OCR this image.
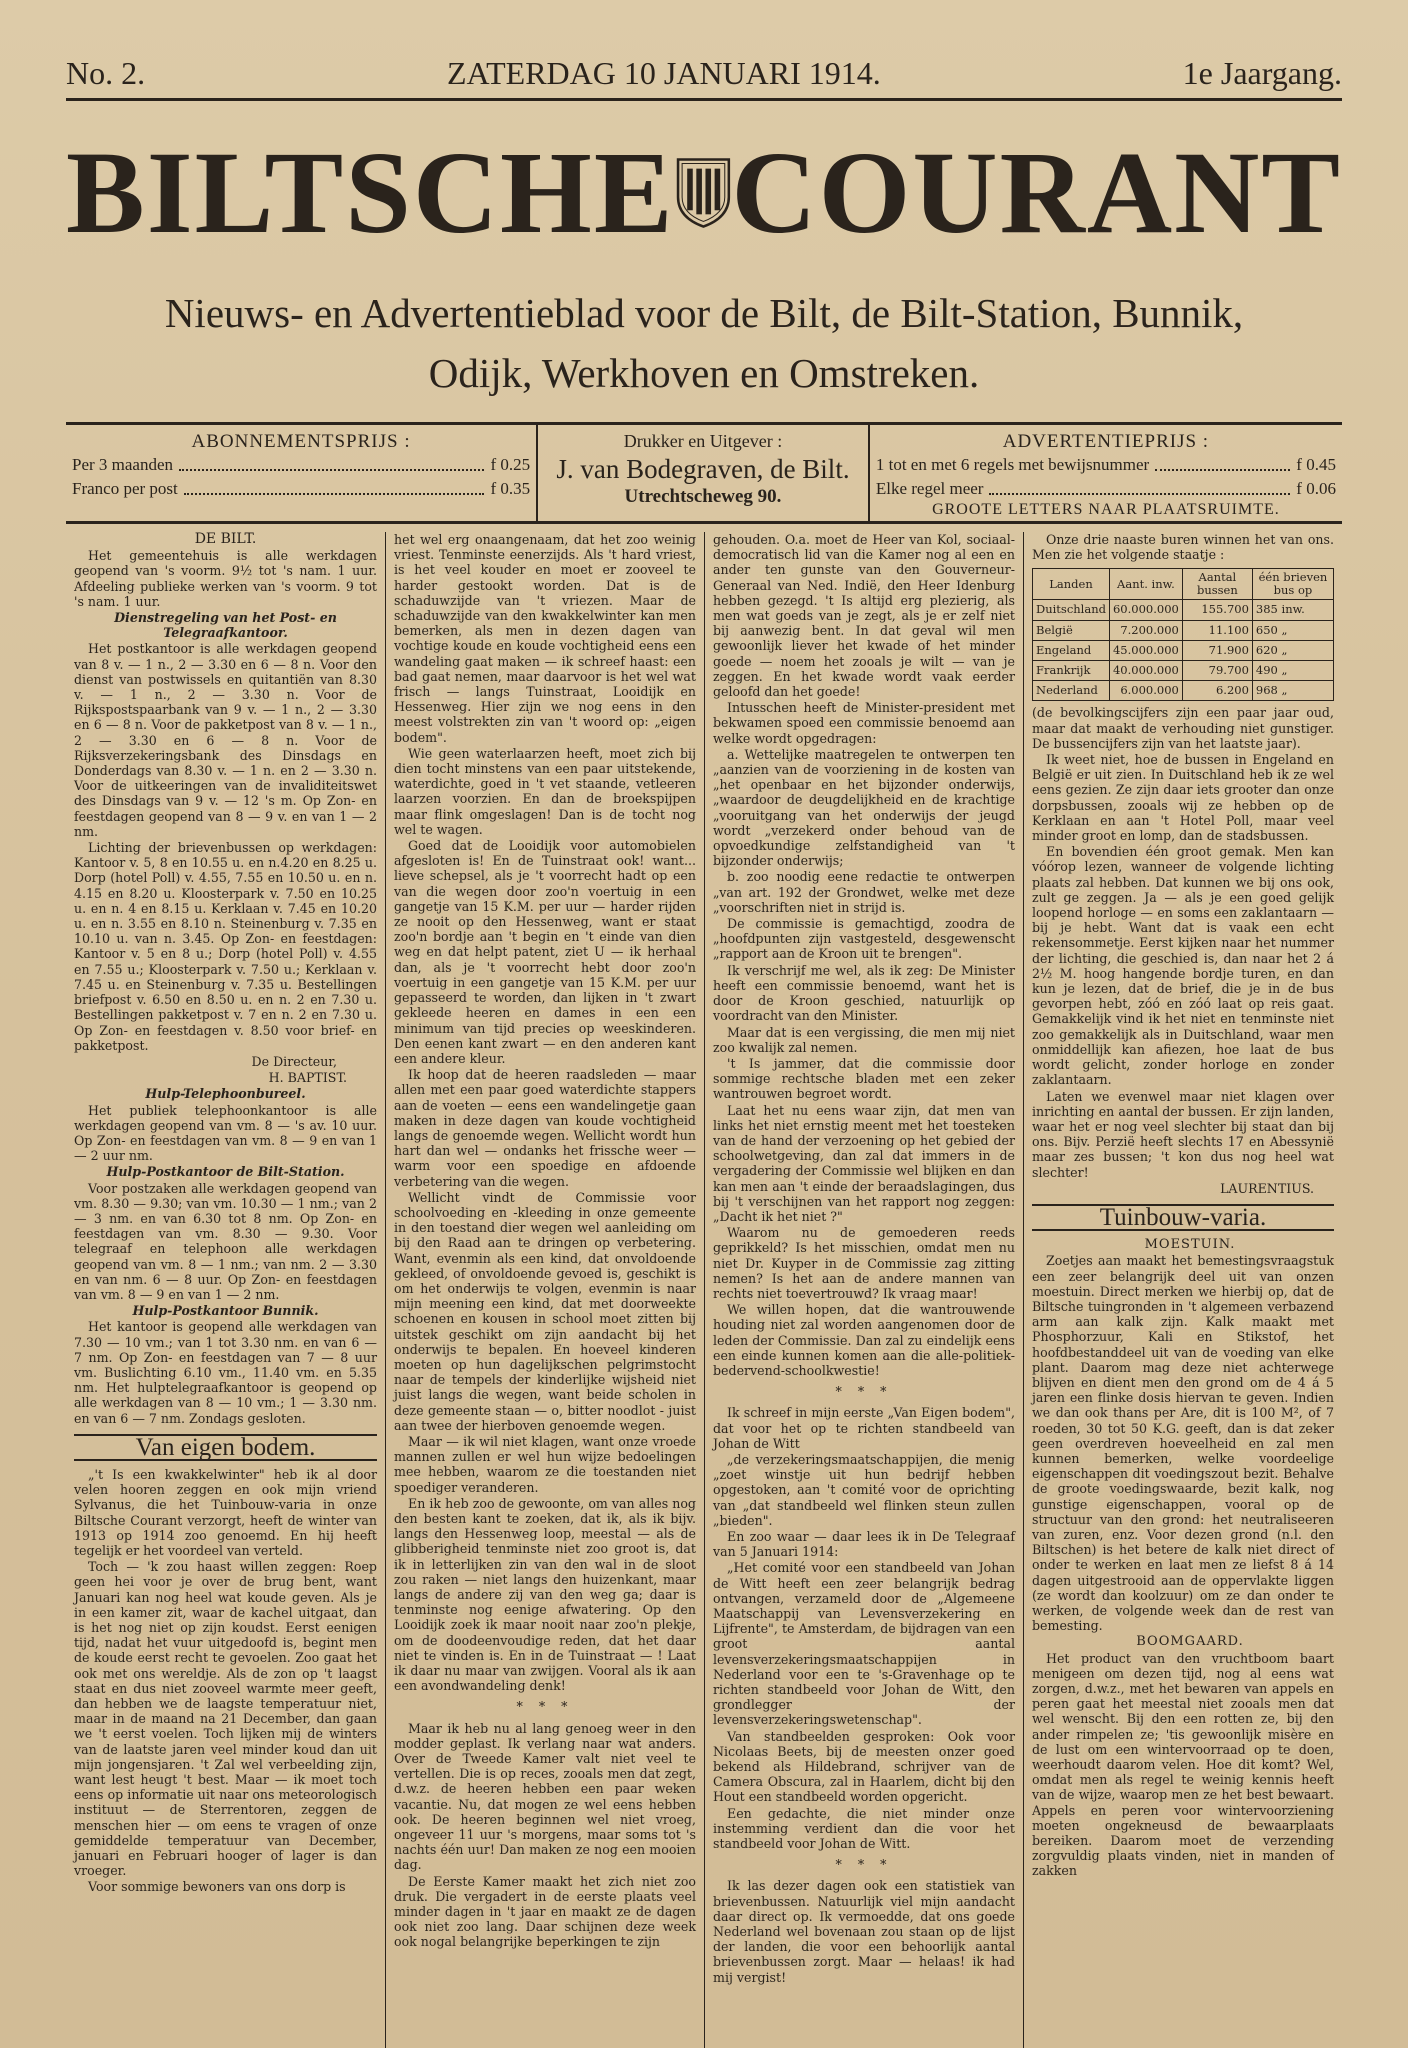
No. 2.	ZATERDAG 10 JANUARI 1914.	1e Jaargang.
BILTSCHE COURANT
Nieuws- en Advertentieblad voor de Bilt, de Bilt-Station, Bunnik,
Odijk, Werkhoven en Omstreken.
ABONNEMENTSPRIJS :
Per 3 maanden	f 0.25
Franco per post	f 0.35
Drukker en Uitgever :
J. van Bodegraven, de Bilt.
Utrechtscheweg 90.
ADVERTENTIEPRIJS :
1 tot en met 6 regels met bewijsnummer	f 0.45
Elke regel meer	f 0.06
GROOTE LETTERS NAAR PLAATSRUIMTE.

DE BILT.

Het gemeentehuis is alle werkdagen geopend van 's voorm. 9½ tot 's nam. 1 uur. Afdeeling publieke werken van 's voorm. 9 tot 's nam. 1 uur.

Dienstregeling van het Post- en Telegraafkantoor.

Het postkantoor is alle werkdagen geopend van 8 v. — 1 n., 2 — 3.30 en 6 — 8 n. Voor den dienst van postwissels en quitantiën van 8.30 v. — 1 n., 2 — 3.30 n. Voor de Rijkspostspaarbank van 9 v. — 1 n., 2 — 3.30 en 6 — 8 n. Voor de pakketpost van 8 v. — 1 n., 2 — 3.30 en 6 — 8 n. Voor de Rijksverzekeringsbank des Dinsdags en Donderdags van 8.30 v. — 1 n. en 2 — 3.30 n. Voor de uitkeeringen van de invaliditeitswet des Dinsdags van 9 v. — 12 's m. Op Zon- en feestdagen geopend van 8 — 9 v. en van 1 — 2 nm.

Lichting der brievenbussen op werkdagen: Kantoor v. 5, 8 en 10.55 u. en n.4.20 en 8.25 u. Dorp (hotel Poll) v. 4.55, 7.55 en 10.50 u. en n. 4.15 en 8.20 u. Kloosterpark v. 7.50 en 10.25 u. en n. 4 en 8.15 u. Kerklaan v. 7.45 en 10.20 u. en n. 3.55 en 8.10 n. Steinenburg v. 7.35 en 10.10 u. van n. 3.45. Op Zon- en feestdagen: Kantoor v. 5 en 8 u.; Dorp (hotel Poll) v. 4.55 en 7.55 u.; Kloosterpark v. 7.50 u.; Kerklaan v. 7.45 u. en Steinenburg v. 7.35 u. Bestellingen briefpost v. 6.50 en 8.50 u. en n. 2 en 7.30 u. Bestellingen pakketpost v. 7 en n. 2 en 7.30 u. Op Zon- en feestdagen v. 8.50 voor brief- en pakketpost.

De Directeur,

H. BAPTIST.

Hulp-Telephoonbureel.

Het publiek telephoonkantoor is alle werkdagen geopend van vm. 8 — 's av. 10 uur. Op Zon- en feestdagen van vm. 8 — 9 en van 1 — 2 uur nm.

Hulp-Postkantoor de Bilt-Station.

Voor postzaken alle werkdagen geopend van vm. 8.30 — 9.30; van vm. 10.30 — 1 nm.; van 2 — 3 nm. en van 6.30 tot 8 nm. Op Zon- en feestdagen van vm. 8.30 — 9.30. Voor telegraaf en telephoon alle werkdagen geopend van vm. 8 — 1 nm.; van nm. 2 — 3.30 en van nm. 6 — 8 uur. Op Zon- en feestdagen van vm. 8 — 9 en van 1 — 2 nm.

Hulp-Postkantoor Bunnik.

Het kantoor is geopend alle werkdagen van 7.30 — 10 vm.; van 1 tot 3.30 nm. en van 6 — 7 nm. Op Zon- en feestdagen van 7 — 8 uur vm. Buslichting 6.10 vm., 11.40 vm. en 5.35 nm. Het hulptelegraafkantoor is geopend op alle werkdagen van 8 — 10 vm.; 1 — 3.30 nm. en van 6 — 7 nm. Zondags gesloten.

Van eigen bodem.

„'t Is een kwakkelwinter" heb ik al door velen hooren zeggen en ook mijn vriend Sylvanus, die het Tuinbouw-varia in onze Biltsche Courant verzorgt, heeft de winter van 1913 op 1914 zoo genoemd. En hij heeft tegelijk er het voordeel van verteld.

Toch — 'k zou haast willen zeggen: Roep geen hei voor je over de brug bent, want Januari kan nog heel wat koude geven. Als je in een kamer zit, waar de kachel uitgaat, dan is het nog niet op zijn koudst. Eerst eenigen tijd, nadat het vuur uitgedoofd is, begint men de koude eerst recht te gevoelen. Zoo gaat het ook met ons wereldje. Als de zon op 't laagst staat en dus niet zooveel warmte meer geeft, dan hebben we de laagste temperatuur niet, maar in de maand na 21 December, dan gaan we 't eerst voelen. Toch lijken mij de winters van de laatste jaren veel minder koud dan uit mijn jongensjaren. 't Zal wel verbeelding zijn, want lest heugt 't best. Maar — ik moet toch eens op informatie uit naar ons meteorologisch instituut — de Sterrentoren, zeggen de menschen hier — om eens te vragen of onze gemiddelde temperatuur van December, januari en Februari hooger of lager is dan vroeger.

Voor sommige bewoners van ons dorp is

het wel erg onaangenaam, dat het zoo weinig vriest. Tenminste eenerzijds. Als 't hard vriest, is het veel kouder en moet er zooveel te harder gestookt worden. Dat is de schaduwzijde van 't vriezen. Maar de schaduwzijde van den kwakkelwinter kan men bemerken, als men in dezen dagen van vochtige koude en koude vochtigheid eens een wandeling gaat maken — ik schreef haast: een bad gaat nemen, maar daarvoor is het wel wat frisch — langs Tuinstraat, Looidijk en Hessenweg. Hier zijn we nog eens in den meest volstrekten zin van 't woord op: „eigen bodem".

Wie geen waterlaarzen heeft, moet zich bij dien tocht minstens van een paar uitstekende, waterdichte, goed in 't vet staande, vetleeren laarzen voorzien. En dan de broekspijpen maar flink omgeslagen! Dan is de tocht nog wel te wagen.

Goed dat de Looidijk voor automobielen afgesloten is! En de Tuinstraat ook! want... lieve schepsel, als je 't voorrecht hadt op een van die wegen door zoo'n voertuig in een gangetje van 15 K.M. per uur — harder rijden ze nooit op den Hessenweg, want er staat zoo'n bordje aan 't begin en 't einde van dien weg en dat helpt patent, ziet U — ik herhaal dan, als je 't voorrecht hebt door zoo'n voertuig in een gangetje van 15 K.M. per uur gepasseerd te worden, dan lijken in 't zwart gekleede heeren en dames in een een minimum van tijd precies op weeskinderen. Den eenen kant zwart — en den anderen kant een andere kleur.

Ik hoop dat de heeren raadsleden — maar allen met een paar goed waterdichte stappers aan de voeten — eens een wandelingetje gaan maken in deze dagen van koude vochtigheid langs de genoemde wegen. Wellicht wordt hun hart dan wel — ondanks het frissche weer — warm voor een spoedige en afdoende verbetering van die wegen.

Wellicht vindt de Commissie voor schoolvoeding en -kleeding in onze gemeente in den toestand dier wegen wel aanleiding om bij den Raad aan te dringen op verbetering. Want, evenmin als een kind, dat onvoldoende gekleed, of onvoldoende gevoed is, geschikt is om het onderwijs te volgen, evenmin is naar mijn meening een kind, dat met doorweekte schoenen en kousen in school moet zitten bij uitstek geschikt om zijn aandacht bij het onderwijs te bepalen. En hoeveel kinderen moeten op hun dagelijkschen pelgrimstocht naar de tempels der kinderlijke wijsheid niet juist langs die wegen, want beide scholen in deze gemeente staan — o, bitter noodlot - juist aan twee der hierboven genoemde wegen.

Maar — ik wil niet klagen, want onze vroede mannen zullen er wel hun wijze bedoelingen mee hebben, waarom ze die toestanden niet spoediger veranderen.

En ik heb zoo de gewoonte, om van alles nog den besten kant te zoeken, dat ik, als ik bijv. langs den Hessenweg loop, meestal — als de glibberigheid tenminste niet zoo groot is, dat ik in letterlijken zin van den wal in de sloot zou raken — niet langs den huizenkant, maar langs de andere zij van den weg ga; daar is tenminste nog eenige afwatering. Op den Looidijk zoek ik maar nooit naar zoo'n plekje, om de doodeenvoudige reden, dat het daar niet te vinden is. En in de Tuinstraat — ! Laat ik daar nu maar van zwijgen. Vooral als ik aan een avondwandeling denk!

* * *

Maar ik heb nu al lang genoeg weer in den modder geplast. Ik verlang naar wat anders. Over de Tweede Kamer valt niet veel te vertellen. Die is op reces, zooals men dat zegt, d.w.z. de heeren hebben een paar weken vacantie. Nu, dat mogen ze wel eens hebben ook. De heeren beginnen wel niet vroeg, ongeveer 11 uur 's morgens, maar soms tot 's nachts één uur! Dan maken ze nog een mooien dag.

De Eerste Kamer maakt het zich niet zoo druk. Die vergadert in de eerste plaats veel minder dagen in 't jaar en maakt ze de dagen ook niet zoo lang. Daar schijnen deze week ook nogal belangrijke beperkingen te zijn

gehouden. O.a. moet de Heer van Kol, sociaal-democratisch lid van die Kamer nog al een en ander ten gunste van den Gouverneur-Generaal van Ned. Indië, den Heer Idenburg hebben gezegd. 't Is altijd erg plezierig, als men wat goeds van je zegt, als je er zelf niet bij aanwezig bent. In dat geval wil men gewoonlijk liever het kwade of het minder goede — noem het zooals je wilt — van je zeggen. En het kwade wordt vaak eerder geloofd dan het goede!

Intusschen heeft de Minister-president met bekwamen spoed een commissie benoemd aan welke wordt opgedragen:

a. Wettelijke maatregelen te ontwerpen ten „aanzien van de voorziening in de kosten van „het openbaar en het bijzonder onderwijs, „waardoor de deugdelijkheid en de krachtige „vooruitgang van het onderwijs der jeugd wordt „verzekerd onder behoud van de opvoedkundige zelfstandigheid van 't bijzonder onderwijs;

b. zoo noodig eene redactie te ontwerpen „van art. 192 der Grondwet, welke met deze „voorschriften niet in strijd is.

De commissie is gemachtigd, zoodra de „hoofdpunten zijn vastgesteld, desgewenscht „rapport aan de Kroon uit te brengen".

Ik verschrijf me wel, als ik zeg: De Minister heeft een commissie benoemd, want het is door de Kroon geschied, natuurlijk op voordracht van den Minister.

Maar dat is een vergissing, die men mij niet zoo kwalijk zal nemen.

't Is jammer, dat die commissie door sommige rechtsche bladen met een zeker wantrouwen begroet wordt.

Laat het nu eens waar zijn, dat men van links het niet ernstig meent met het toesteken van de hand der verzoening op het gebied der schoolwetgeving, dan zal dat immers in de vergadering der Commissie wel blijken en dan kan men aan 't einde der beraadslagingen, dus bij 't verschijnen van het rapport nog zeggen: „Dacht ik het niet ?"

Waarom nu de gemoederen reeds geprikkeld? Is het misschien, omdat men nu niet Dr. Kuyper in de Commissie zag zitting nemen? Is het aan de andere mannen van rechts niet toevertrouwd? Ik vraag maar!

We willen hopen, dat die wantrouwende houding niet zal worden aangenomen door de leden der Commissie. Dan zal zu eindelijk eens een einde kunnen komen aan die alle-politiek-bedervend-schoolkwestie!

* * *

Ik schreef in mijn eerste „Van Eigen bodem", dat voor het op te richten standbeeld van Johan de Witt

„de verzekeringsmaatschappijen, die menig „zoet winstje uit hun bedrijf hebben opgestoken, aan 't comité voor de oprichting van „dat standbeeld wel flinken steun zullen „bieden".

En zoo waar — daar lees ik in De Telegraaf van 5 Januari 1914:

„Het comité voor een standbeeld van Johan de Witt heeft een zeer belangrijk bedrag ontvangen, verzameld door de „Algemeene Maatschappij van Levensverzekering en Lijfrente", te Amsterdam, de bijdragen van een groot aantal levensverzekeringsmaatschappijen in Nederland voor een te 's-Gravenhage op te richten standbeeld voor Johan de Witt, den grondlegger der levensverzekeringswetenschap".

Van standbeelden gesproken: Ook voor Nicolaas Beets, bij de meesten onzer goed bekend als Hildebrand, schrijver van de Camera Obscura, zal in Haarlem, dicht bij den Hout een standbeeld worden opgericht.

Een gedachte, die niet minder onze instemming verdient dan die voor het standbeeld voor Johan de Witt.

* * *

Ik las dezer dagen ook een statistiek van brievenbussen. Natuurlijk viel mijn aandacht daar direct op. Ik vermoedde, dat ons goede Nederland wel bovenaan zou staan op de lijst der landen, die voor een behoorlijk aantal brievenbussen zorgt. Maar — helaas! ik had mij vergist!

Onze drie naaste buren winnen het van ons. Men zie het volgende staatje :

Landen	Aant. inw.	Aantal bussen	één brieven bus op
Duitschland	60.000.000	155.700	385 inw.
België	7.200.000	11.100	650 „
Engeland	45.000.000	71.900	620 „
Frankrijk	40.000.000	79.700	490 „
Nederland	6.000.000	6.200	968 „

(de bevolkingscijfers zijn een paar jaar oud, maar dat maakt de verhouding niet gunstiger. De bussencijfers zijn van het laatste jaar).

Ik weet niet, hoe de bussen in Engeland en België er uit zien. In Duitschland heb ik ze wel eens gezien. Ze zijn daar iets grooter dan onze dorpsbussen, zooals wij ze hebben op de Kerklaan en aan 't Hotel Poll, maar veel minder groot en lomp, dan de stadsbussen.

En bovendien één groot gemak. Men kan vóórop lezen, wanneer de volgende lichting plaats zal hebben. Dat kunnen we bij ons ook, zult ge zeggen. Ja — als je een goed gelijk loopend horloge — en soms een zaklantaarn — bij je hebt. Want dat is vaak een echt rekensommetje. Eerst kijken naar het nummer der lichting, die geschied is, dan naar het 2 á 2½ M. hoog hangende bordje turen, en dan kun je lezen, dat de brief, die je in de bus gevorpen hebt, zóó en zóó laat op reis gaat. Gemakkelijk vind ik het niet en tenminste niet zoo gemakkelijk als in Duitschland, waar men onmiddellijk kan afiezen, hoe laat de bus wordt gelicht, zonder horloge en zonder zaklantaarn.

Laten we evenwel maar niet klagen over inrichting en aantal der bussen. Er zijn landen, waar het er nog veel slechter bij staat dan bij ons. Bijv. Perzië heeft slechts 17 en Abessynië maar zes bussen; 't kon dus nog heel wat slechter!

LAURENTIUS.

Tuinbouw-varia.

MOESTUIN.

Zoetjes aan maakt het bemestingsvraagstuk een zeer belangrijk deel uit van onzen moestuin. Direct merken we hierbij op, dat de Biltsche tuingronden in 't algemeen verbazend arm aan kalk zijn. Kalk maakt met Phosphorzuur, Kali en Stikstof, het hoofdbestanddeel uit van de voeding van elke plant. Daarom mag deze niet achterwege blijven en dient men den grond om de 4 á 5 jaren een flinke dosis hiervan te geven. Indien we dan ook thans per Are, dit is 100 M², of 7 roeden, 30 tot 50 K.G. geeft, dan is dat zeker geen overdreven hoeveelheid en zal men kunnen bemerken, welke voordeelige eigenschappen dit voedingszout bezit. Behalve de groote voedingswaarde, bezit kalk, nog gunstige eigenschappen, vooral op de structuur van den grond: het neutraliseeren van zuren, enz. Voor dezen grond (n.l. den Biltschen) is het betere de kalk niet direct of onder te werken en laat men ze liefst 8 á 14 dagen uitgestrooid aan de oppervlakte liggen (ze wordt dan koolzuur) om ze dan onder te werken, de volgende week dan de rest van bemesting.

BOOMGAARD.

Het product van den vruchtboom baart menigeen om dezen tijd, nog al eens wat zorgen, d.w.z., met het bewaren van appels en peren gaat het meestal niet zooals men dat wel wenscht. Bij den een rotten ze, bij den ander rimpelen ze; 'tis gewoonlijk misère en de lust om een wintervoorraad op te doen, weerhoudt daarom velen. Hoe dit komt? Wel, omdat men als regel te weinig kennis heeft van de wijze, waarop men ze het best bewaart. Appels en peren voor wintervoorziening moeten ongekneusd de bewaarplaats bereiken. Daarom moet de verzending zorgvuldig plaats vinden, niet in manden of zakken
